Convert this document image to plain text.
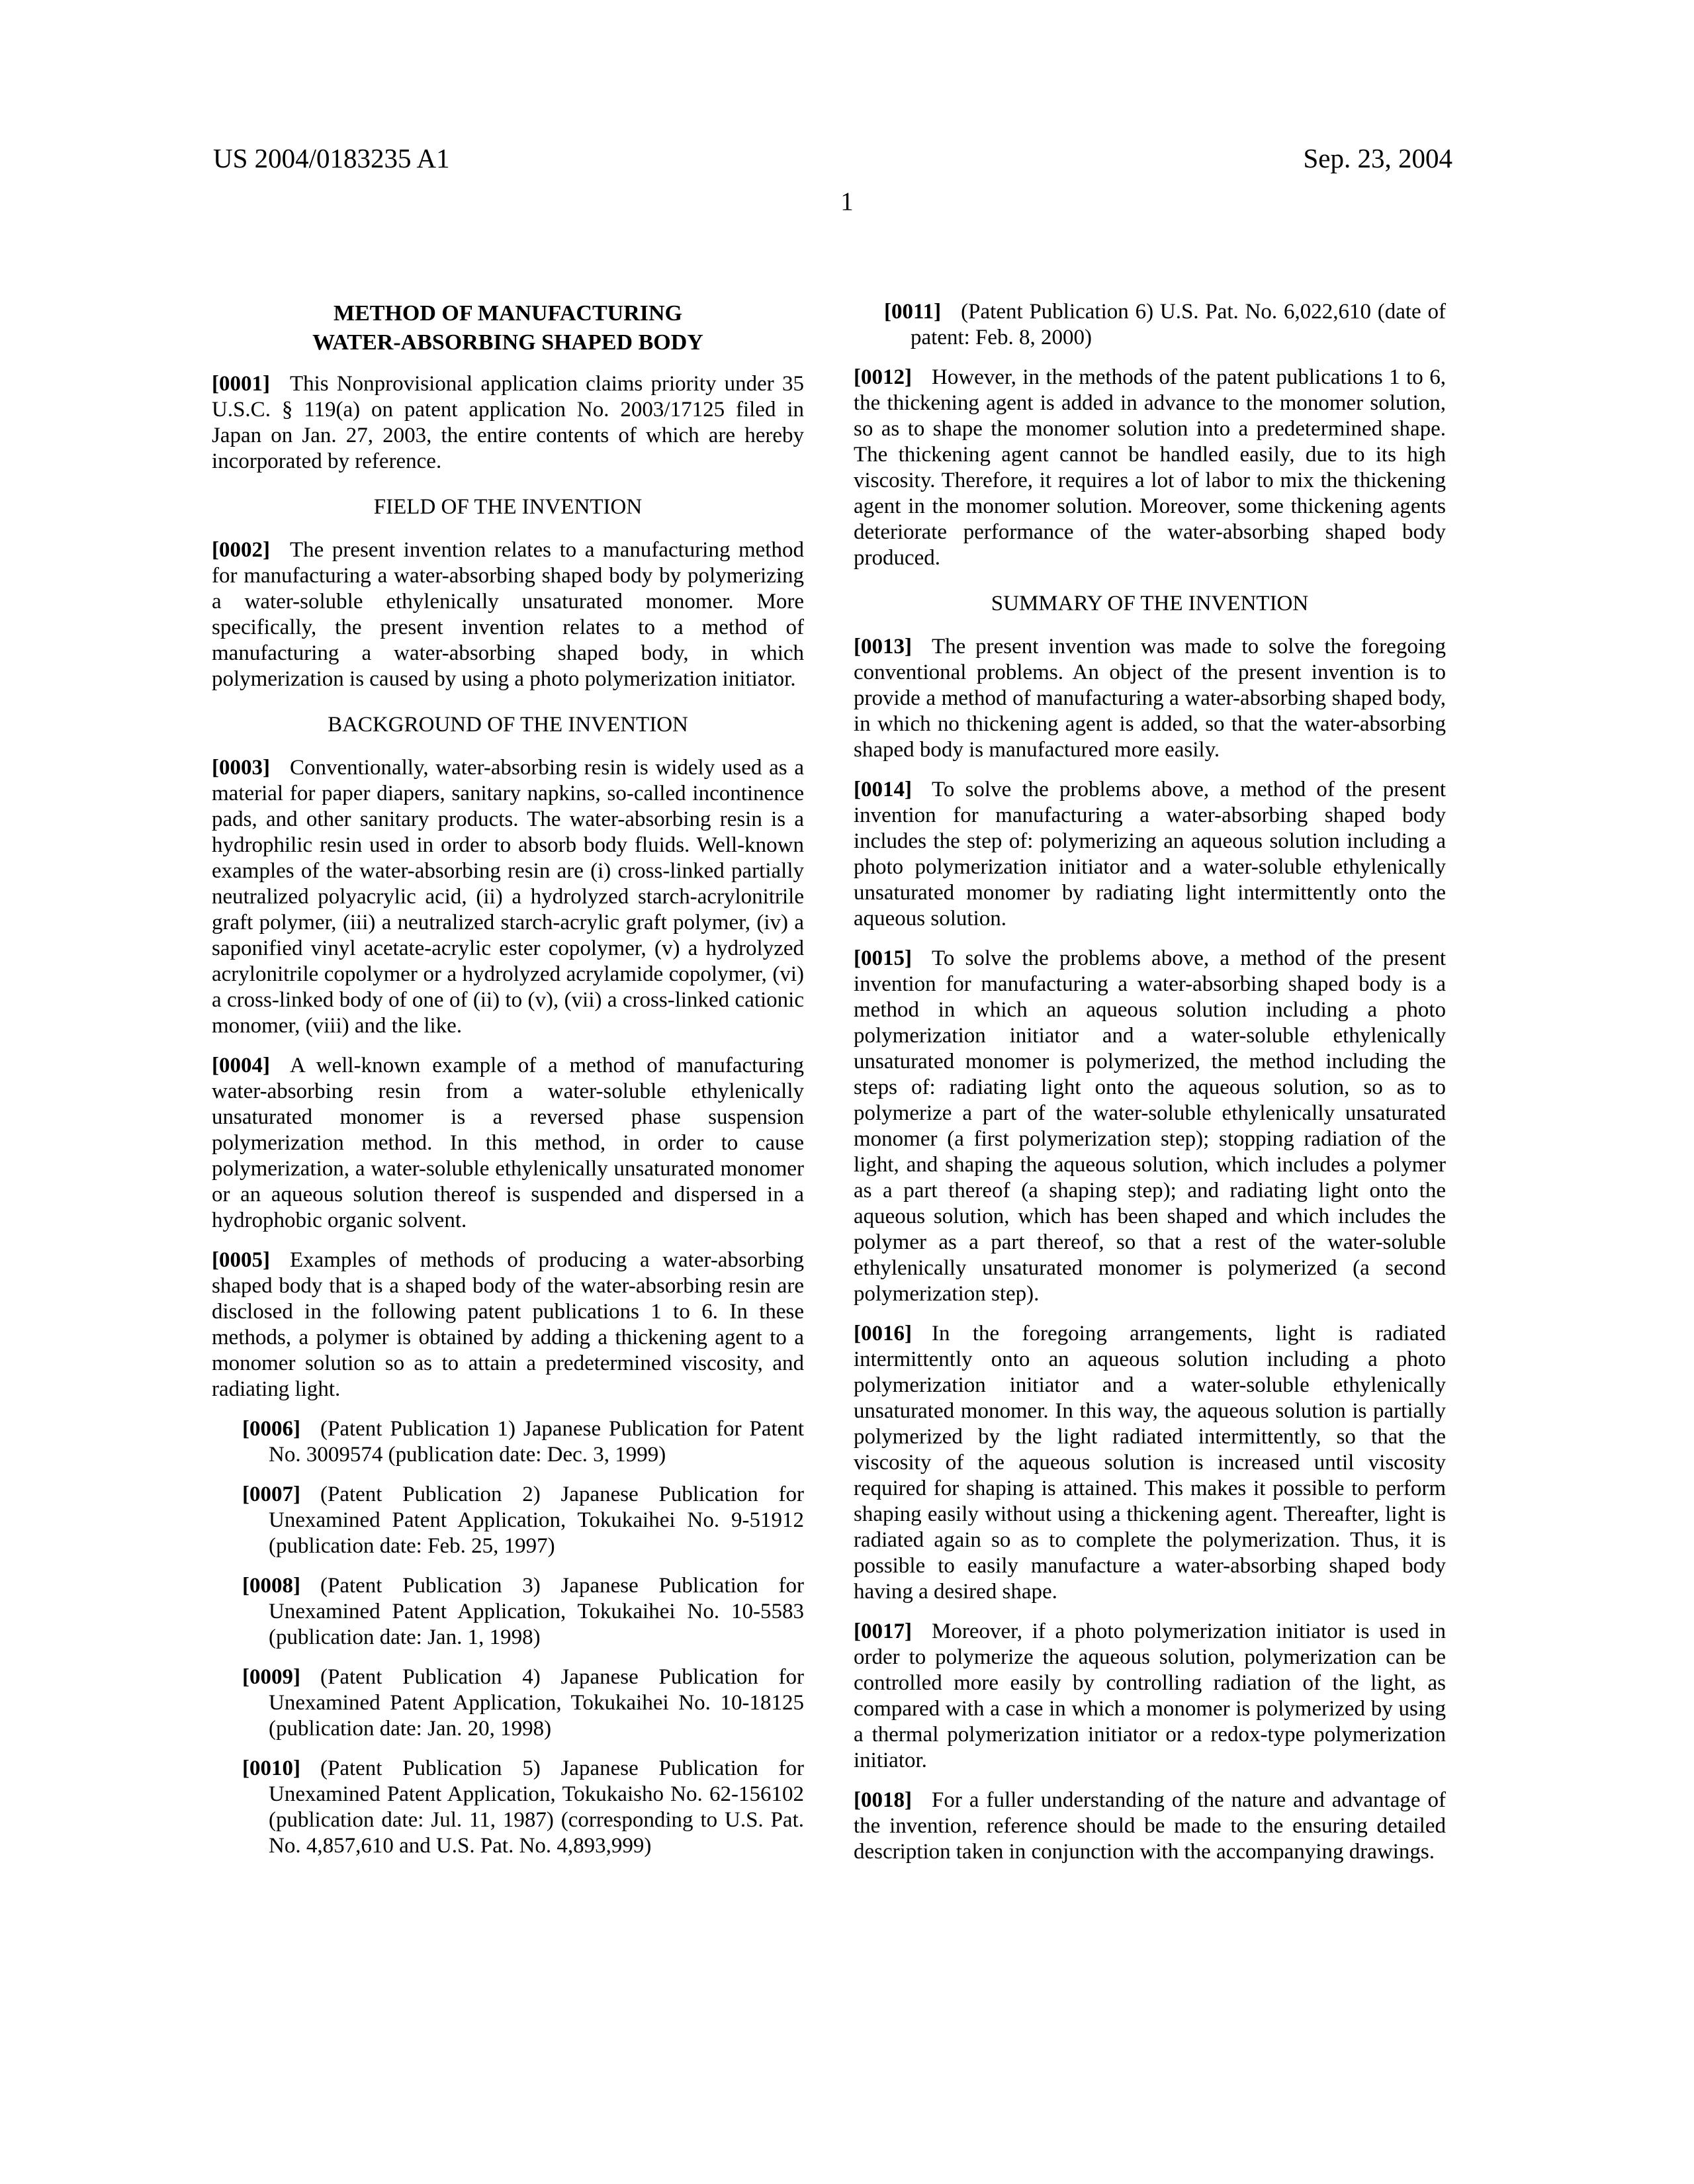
US 2004/0183235 A1	Sep. 23, 2004
1
METHOD OF MANUFACTURING WATER-ABSORBING SHAPED BODY

[0001] This Nonprovisional application claims priority under 35 U.S.C. § 119(a) on patent application No. 2003/17125 filed in Japan on Jan. 27, 2003, the entire contents of which are hereby incorporated by reference.

FIELD OF THE INVENTION

[0002] The present invention relates to a manufacturing method for manufacturing a water-absorbing shaped body by polymerizing a water-soluble ethylenically unsaturated monomer. More specifically, the present invention relates to a method of manufacturing a water-absorbing shaped body, in which polymerization is caused by using a photo polymerization initiator.

BACKGROUND OF THE INVENTION

[0003] Conventionally, water-absorbing resin is widely used as a material for paper diapers, sanitary napkins, so-called incontinence pads, and other sanitary products. The water-absorbing resin is a hydrophilic resin used in order to absorb body fluids. Well-known examples of the water-absorbing resin are (i) cross-linked partially neutralized polyacrylic acid, (ii) a hydrolyzed starch-acrylonitrile graft polymer, (iii) a neutralized starch-acrylic graft polymer, (iv) a saponified vinyl acetate-acrylic ester copolymer, (v) a hydrolyzed acrylonitrile copolymer or a hydrolyzed acrylamide copolymer, (vi) a cross-linked body of one of (ii) to (v), (vii) a cross-linked cationic monomer, (viii) and the like.

[0004] A well-known example of a method of manufacturing water-absorbing resin from a water-soluble ethylenically unsaturated monomer is a reversed phase suspension polymerization method. In this method, in order to cause polymerization, a water-soluble ethylenically unsaturated monomer or an aqueous solution thereof is suspended and dispersed in a hydrophobic organic solvent.

[0005] Examples of methods of producing a water-absorbing shaped body that is a shaped body of the water-absorbing resin are disclosed in the following patent publications 1 to 6. In these methods, a polymer is obtained by adding a thickening agent to a monomer solution so as to attain a predetermined viscosity, and radiating light.

[0006] (Patent Publication 1) Japanese Publication for Patent No. 3009574 (publication date: Dec. 3, 1999)

[0007] (Patent Publication 2) Japanese Publication for Unexamined Patent Application, Tokukaihei No. 9-51912 (publication date: Feb. 25, 1997)

[0008] (Patent Publication 3) Japanese Publication for Unexamined Patent Application, Tokukaihei No. 10-5583 (publication date: Jan. 1, 1998)

[0009] (Patent Publication 4) Japanese Publication for Unexamined Patent Application, Tokukaihei No. 10-18125 (publication date: Jan. 20, 1998)

[0010] (Patent Publication 5) Japanese Publication for Unexamined Patent Application, Tokukaisho No. 62-156102 (publication date: Jul. 11, 1987) (corresponding to U.S. Pat. No. 4,857,610 and U.S. Pat. No. 4,893,999)

[0011] (Patent Publication 6) U.S. Pat. No. 6,022,610 (date of patent: Feb. 8, 2000)

[0012] However, in the methods of the patent publications 1 to 6, the thickening agent is added in advance to the monomer solution, so as to shape the monomer solution into a predetermined shape. The thickening agent cannot be handled easily, due to its high viscosity. Therefore, it requires a lot of labor to mix the thickening agent in the monomer solution. Moreover, some thickening agents deteriorate performance of the water-absorbing shaped body produced.

SUMMARY OF THE INVENTION

[0013] The present invention was made to solve the foregoing conventional problems. An object of the present invention is to provide a method of manufacturing a water-absorbing shaped body, in which no thickening agent is added, so that the water-absorbing shaped body is manufactured more easily.

[0014] To solve the problems above, a method of the present invention for manufacturing a water-absorbing shaped body includes the step of: polymerizing an aqueous solution including a photo polymerization initiator and a water-soluble ethylenically unsaturated monomer by radiating light intermittently onto the aqueous solution.

[0015] To solve the problems above, a method of the present invention for manufacturing a water-absorbing shaped body is a method in which an aqueous solution including a photo polymerization initiator and a water-soluble ethylenically unsaturated monomer is polymerized, the method including the steps of: radiating light onto the aqueous solution, so as to polymerize a part of the water-soluble ethylenically unsaturated monomer (a first polymerization step); stopping radiation of the light, and shaping the aqueous solution, which includes a polymer as a part thereof (a shaping step); and radiating light onto the aqueous solution, which has been shaped and which includes the polymer as a part thereof, so that a rest of the water-soluble ethylenically unsaturated monomer is polymerized (a second polymerization step).

[0016] In the foregoing arrangements, light is radiated intermittently onto an aqueous solution including a photo polymerization initiator and a water-soluble ethylenically unsaturated monomer. In this way, the aqueous solution is partially polymerized by the light radiated intermittently, so that the viscosity of the aqueous solution is increased until viscosity required for shaping is attained. This makes it possible to perform shaping easily without using a thickening agent. Thereafter, light is radiated again so as to complete the polymerization. Thus, it is possible to easily manufacture a water-absorbing shaped body having a desired shape.

[0017] Moreover, if a photo polymerization initiator is used in order to polymerize the aqueous solution, polymerization can be controlled more easily by controlling radiation of the light, as compared with a case in which a monomer is polymerized by using a thermal polymerization initiator or a redox-type polymerization initiator.

[0018] For a fuller understanding of the nature and advantage of the invention, reference should be made to the ensuring detailed description taken in conjunction with the accompanying drawings.
